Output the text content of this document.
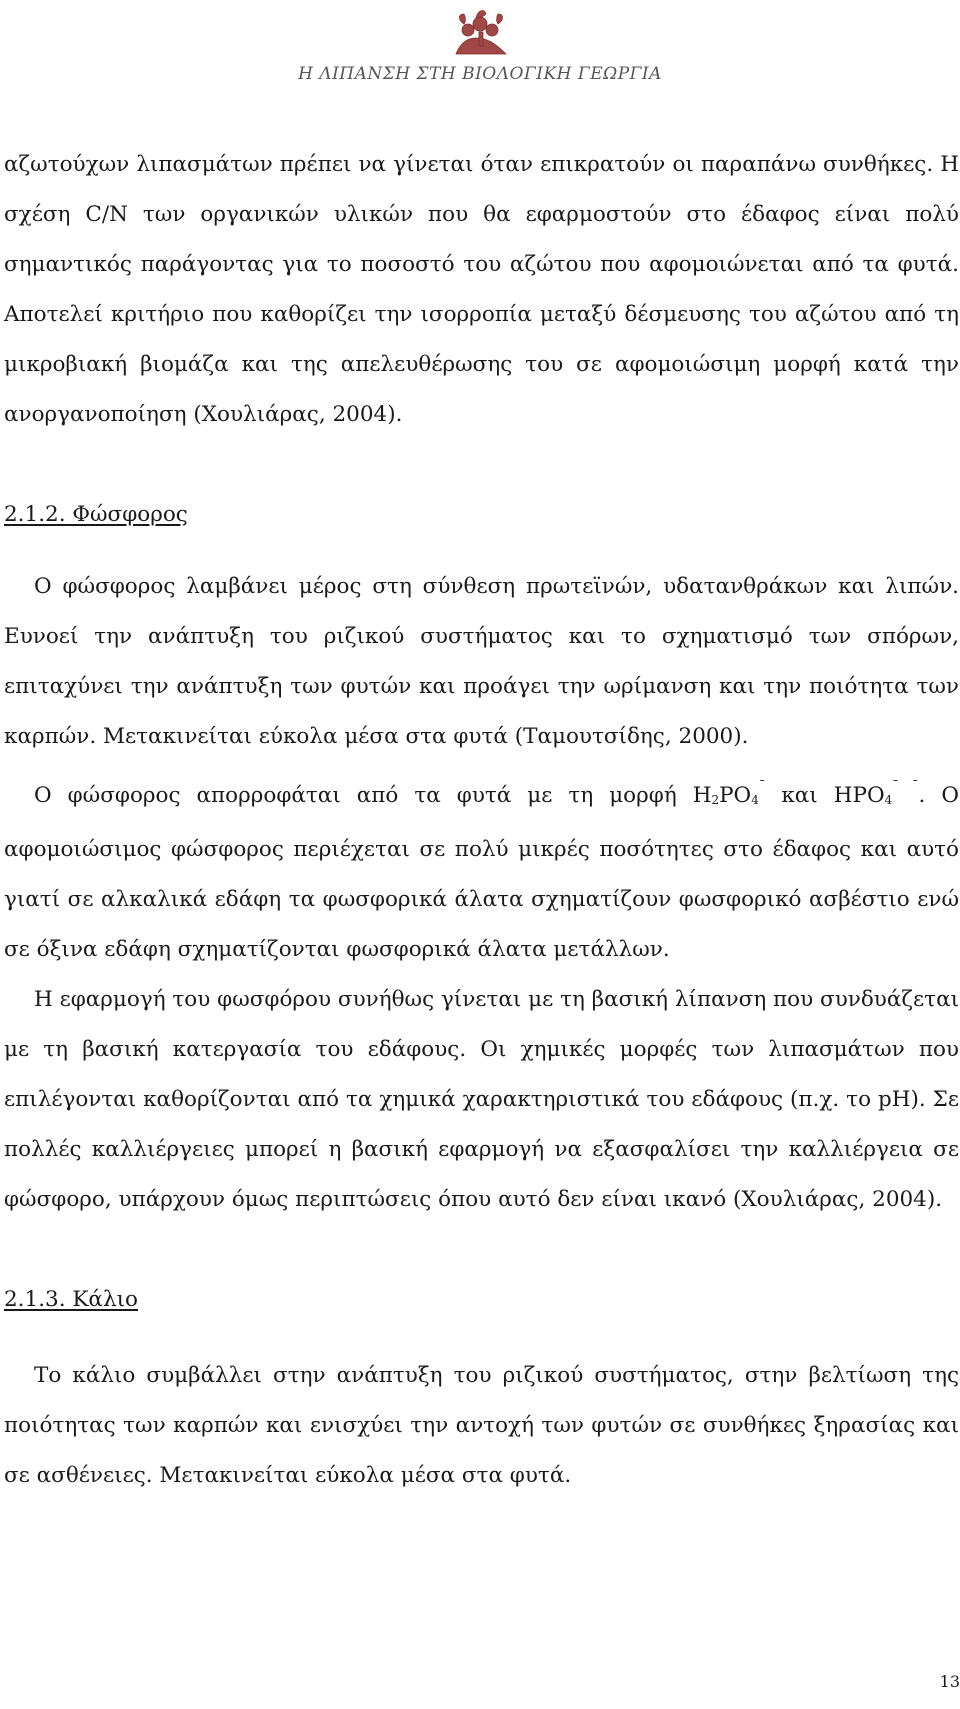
Η ΛΙΠΑΝΣΗ ΣΤΗ ΒΙΟΛΟΓΙΚΗ ΓΕΩΡΓΙΑ

αζωτούχων λιπασμάτων πρέπει να γίνεται όταν επικρατούν οι παραπάνω συνθήκες. Η σχέση C/N των οργανικών υλικών που θα εφαρμοστούν στο έδαφος είναι πολύ σημαντικός παράγοντας για το ποσοστό του αζώτου που αφομοιώνεται από τα φυτά. Αποτελεί κριτήριο που καθορίζει την ισορροπία μεταξύ δέσμευσης του αζώτου από τη μικροβιακή βιομάζα και της απελευθέρωσης του σε αφομοιώσιμη μορφή κατά την ανοργανοποίηση (Χουλιάρας, 2004).

2.1.2. Φώσφορος

Ο φώσφορος λαμβάνει μέρος στη σύνθεση πρωτεϊνών, υδατανθράκων και λιπών. Ευνοεί την ανάπτυξη του ριζικού συστήματος και το σχηματισμό των σπόρων, επιταχύνει την ανάπτυξη των φυτών και προάγει την ωρίμανση και την ποιότητα των καρπών. Μετακινείται εύκολα μέσα στα φυτά (Ταμουτσίδης, 2000).

Ο φώσφορος απορροφάται από τα φυτά με τη μορφή H2PO4¯ και HPO4¯ ¯. Ο αφομοιώσιμος φώσφορος περιέχεται σε πολύ μικρές ποσότητες στο έδαφος και αυτό γιατί σε αλκαλικά εδάφη τα φωσφορικά άλατα σχηματίζουν φωσφορικό ασβέστιο ενώ σε όξινα εδάφη σχηματίζονται φωσφορικά άλατα μετάλλων.

Η εφαρμογή του φωσφόρου συνήθως γίνεται με τη βασική λίπανση που συνδυάζεται με τη βασική κατεργασία του εδάφους. Οι χημικές μορφές των λιπασμάτων που επιλέγονται καθορίζονται από τα χημικά χαρακτηριστικά του εδάφους (π.χ. το pH). Σε πολλές καλλιέργειες μπορεί η βασική εφαρμογή να εξασφαλίσει την καλλιέργεια σε φώσφορο, υπάρχουν όμως περιπτώσεις όπου αυτό δεν είναι ικανό (Χουλιάρας, 2004).

2.1.3. Κάλιο

Το κάλιο συμβάλλει στην ανάπτυξη του ριζικού συστήματος, στην βελτίωση της ποιότητας των καρπών και ενισχύει την αντοχή των φυτών σε συνθήκες ξηρασίας και σε ασθένειες. Μετακινείται εύκολα μέσα στα φυτά.

13
